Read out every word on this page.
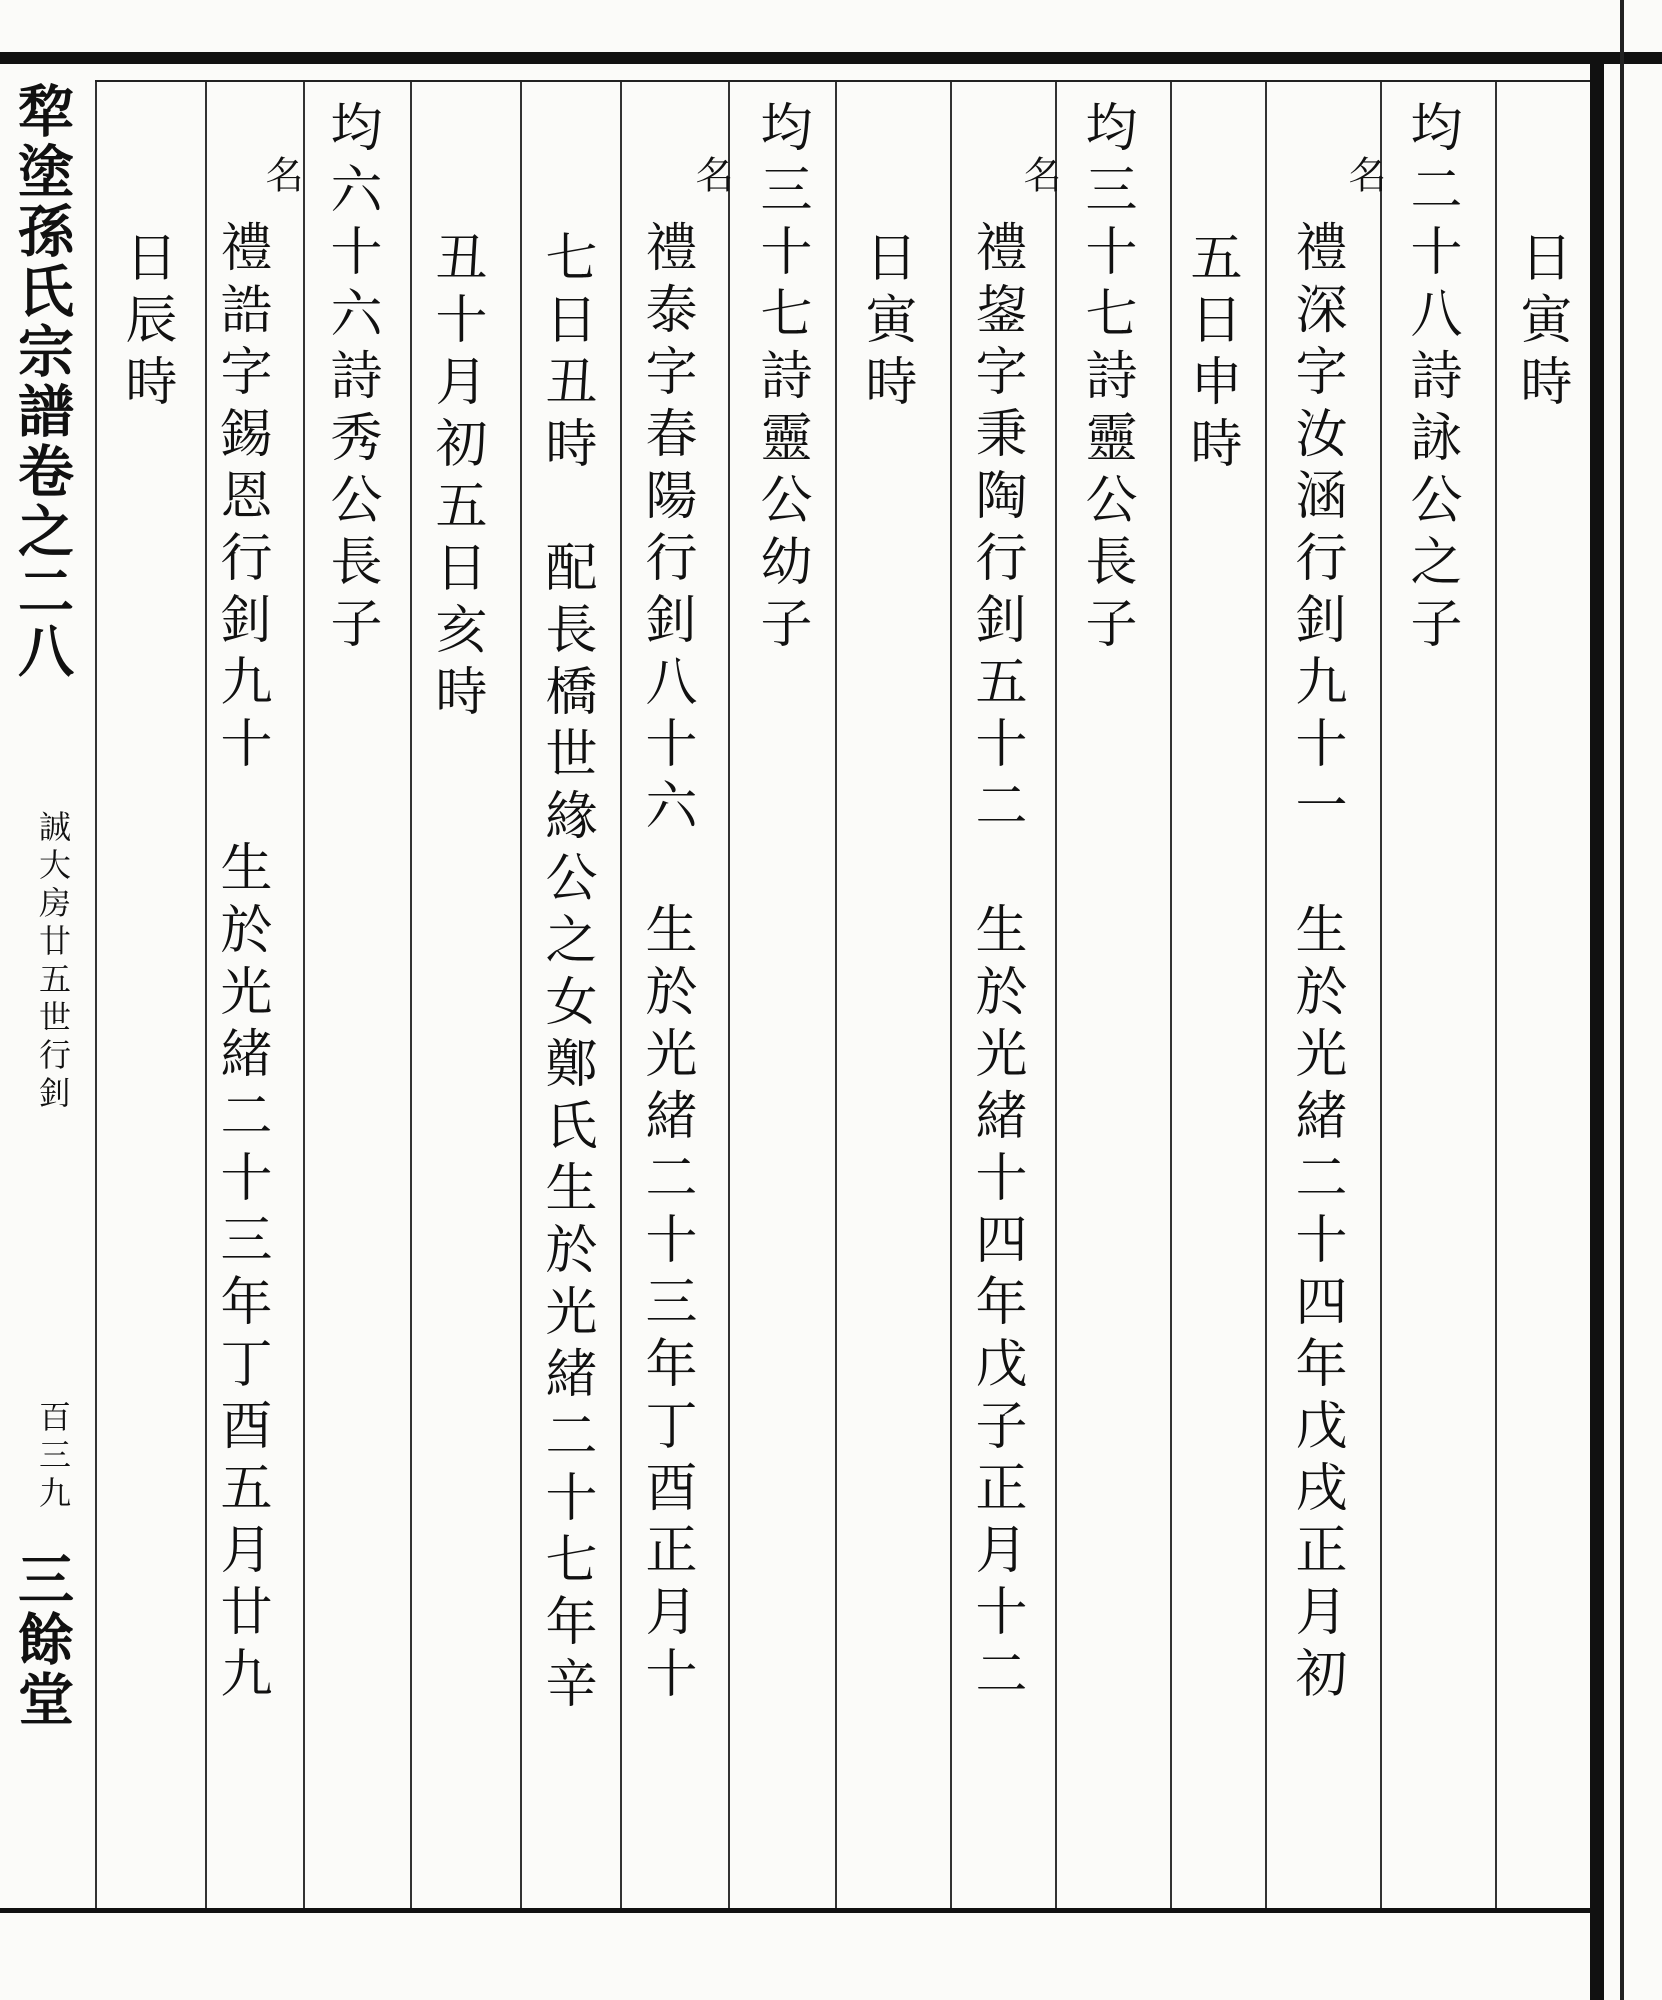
犂塗孫氏宗譜卷之二八
誠大房廿五世行釗
百三九
三餘堂
日寅時
均二十八詩詠公之子
名
禮深字汝涵行釗九十一　生於光緒二十四年戊戌正月初
五日申時
均三十七詩靈公長子
名
禮鋆字秉陶行釗五十二　生於光緒十四年戊子正月十二
日寅時
均三十七詩靈公幼子
名
禮泰字春陽行釗八十六　生於光緒二十三年丁酉正月十
七日丑時　配長橋世緣公之女鄭氏生於光緒二十七年辛
丑十月初五日亥時
均六十六詩秀公長子
名
禮誥字錫恩行釗九十　生於光緒二十三年丁酉五月廿九
日辰時
